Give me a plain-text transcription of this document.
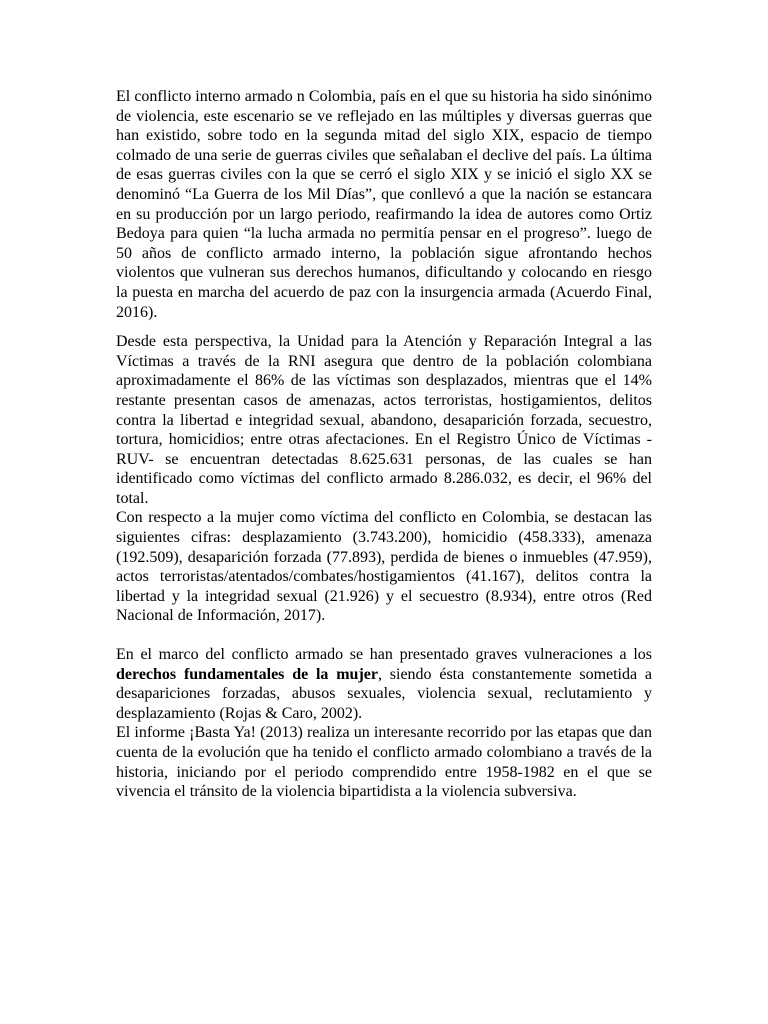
El conflicto interno armado n Colombia, país en el que su historia ha sido sinónimo de violencia, este escenario se ve reflejado en las múltiples y diversas guerras que han existido, sobre todo en la segunda mitad del siglo XIX, espacio de tiempo colmado de una serie de guerras civiles que señalaban el declive del país. La última de esas guerras civiles con la que se cerró el siglo XIX y se inició el siglo XX se denominó “La Guerra de los Mil Días”, que conllevó a que la nación se estancara en su producción por un largo periodo, reafirmando la idea de autores como Ortiz Bedoya para quien “la lucha armada no permitía pensar en el progreso”. luego de 50 años de conflicto armado interno, la población sigue afrontando hechos violentos que vulneran sus derechos humanos, dificultando y colocando en riesgo la puesta en marcha del acuerdo de paz con la insurgencia armada (Acuerdo Final, 2016).

Desde esta perspectiva, la Unidad para la Atención y Reparación Integral a las Víctimas a través de la RNI asegura que dentro de la población colombiana aproximadamente el 86% de las víctimas son desplazados, mientras que el 14% restante presentan casos de amenazas, actos terroristas, hostigamientos, delitos contra la libertad e integridad sexual, abandono, desaparición forzada, secuestro, tortura, homicidios; entre otras afectaciones. En el Registro Único de Víctimas -RUV- se encuentran detectadas 8.625.631 personas, de las cuales se han identificado como víctimas del conflicto armado 8.286.032, es decir, el 96% del total.

Con respecto a la mujer como víctima del conflicto en Colombia, se destacan las siguientes cifras: desplazamiento (3.743.200), homicidio (458.333), amenaza (192.509), desaparición forzada (77.893), perdida de bienes o inmuebles (47.959), actos terroristas/atentados/combates/hostigamientos (41.167), delitos contra la libertad y la integridad sexual (21.926) y el secuestro (8.934), entre otros (Red Nacional de Información, 2017).

En el marco del conflicto armado se han presentado graves vulneraciones a los derechos fundamentales de la mujer, siendo ésta constantemente sometida a desapariciones forzadas, abusos sexuales, violencia sexual, reclutamiento y desplazamiento (Rojas & Caro, 2002).

El informe ¡Basta Ya! (2013) realiza un interesante recorrido por las etapas que dan cuenta de la evolución que ha tenido el conflicto armado colombiano a través de la historia, iniciando por el periodo comprendido entre 1958-1982 en el que se vivencia el tránsito de la violencia bipartidista a la violencia subversiva.
